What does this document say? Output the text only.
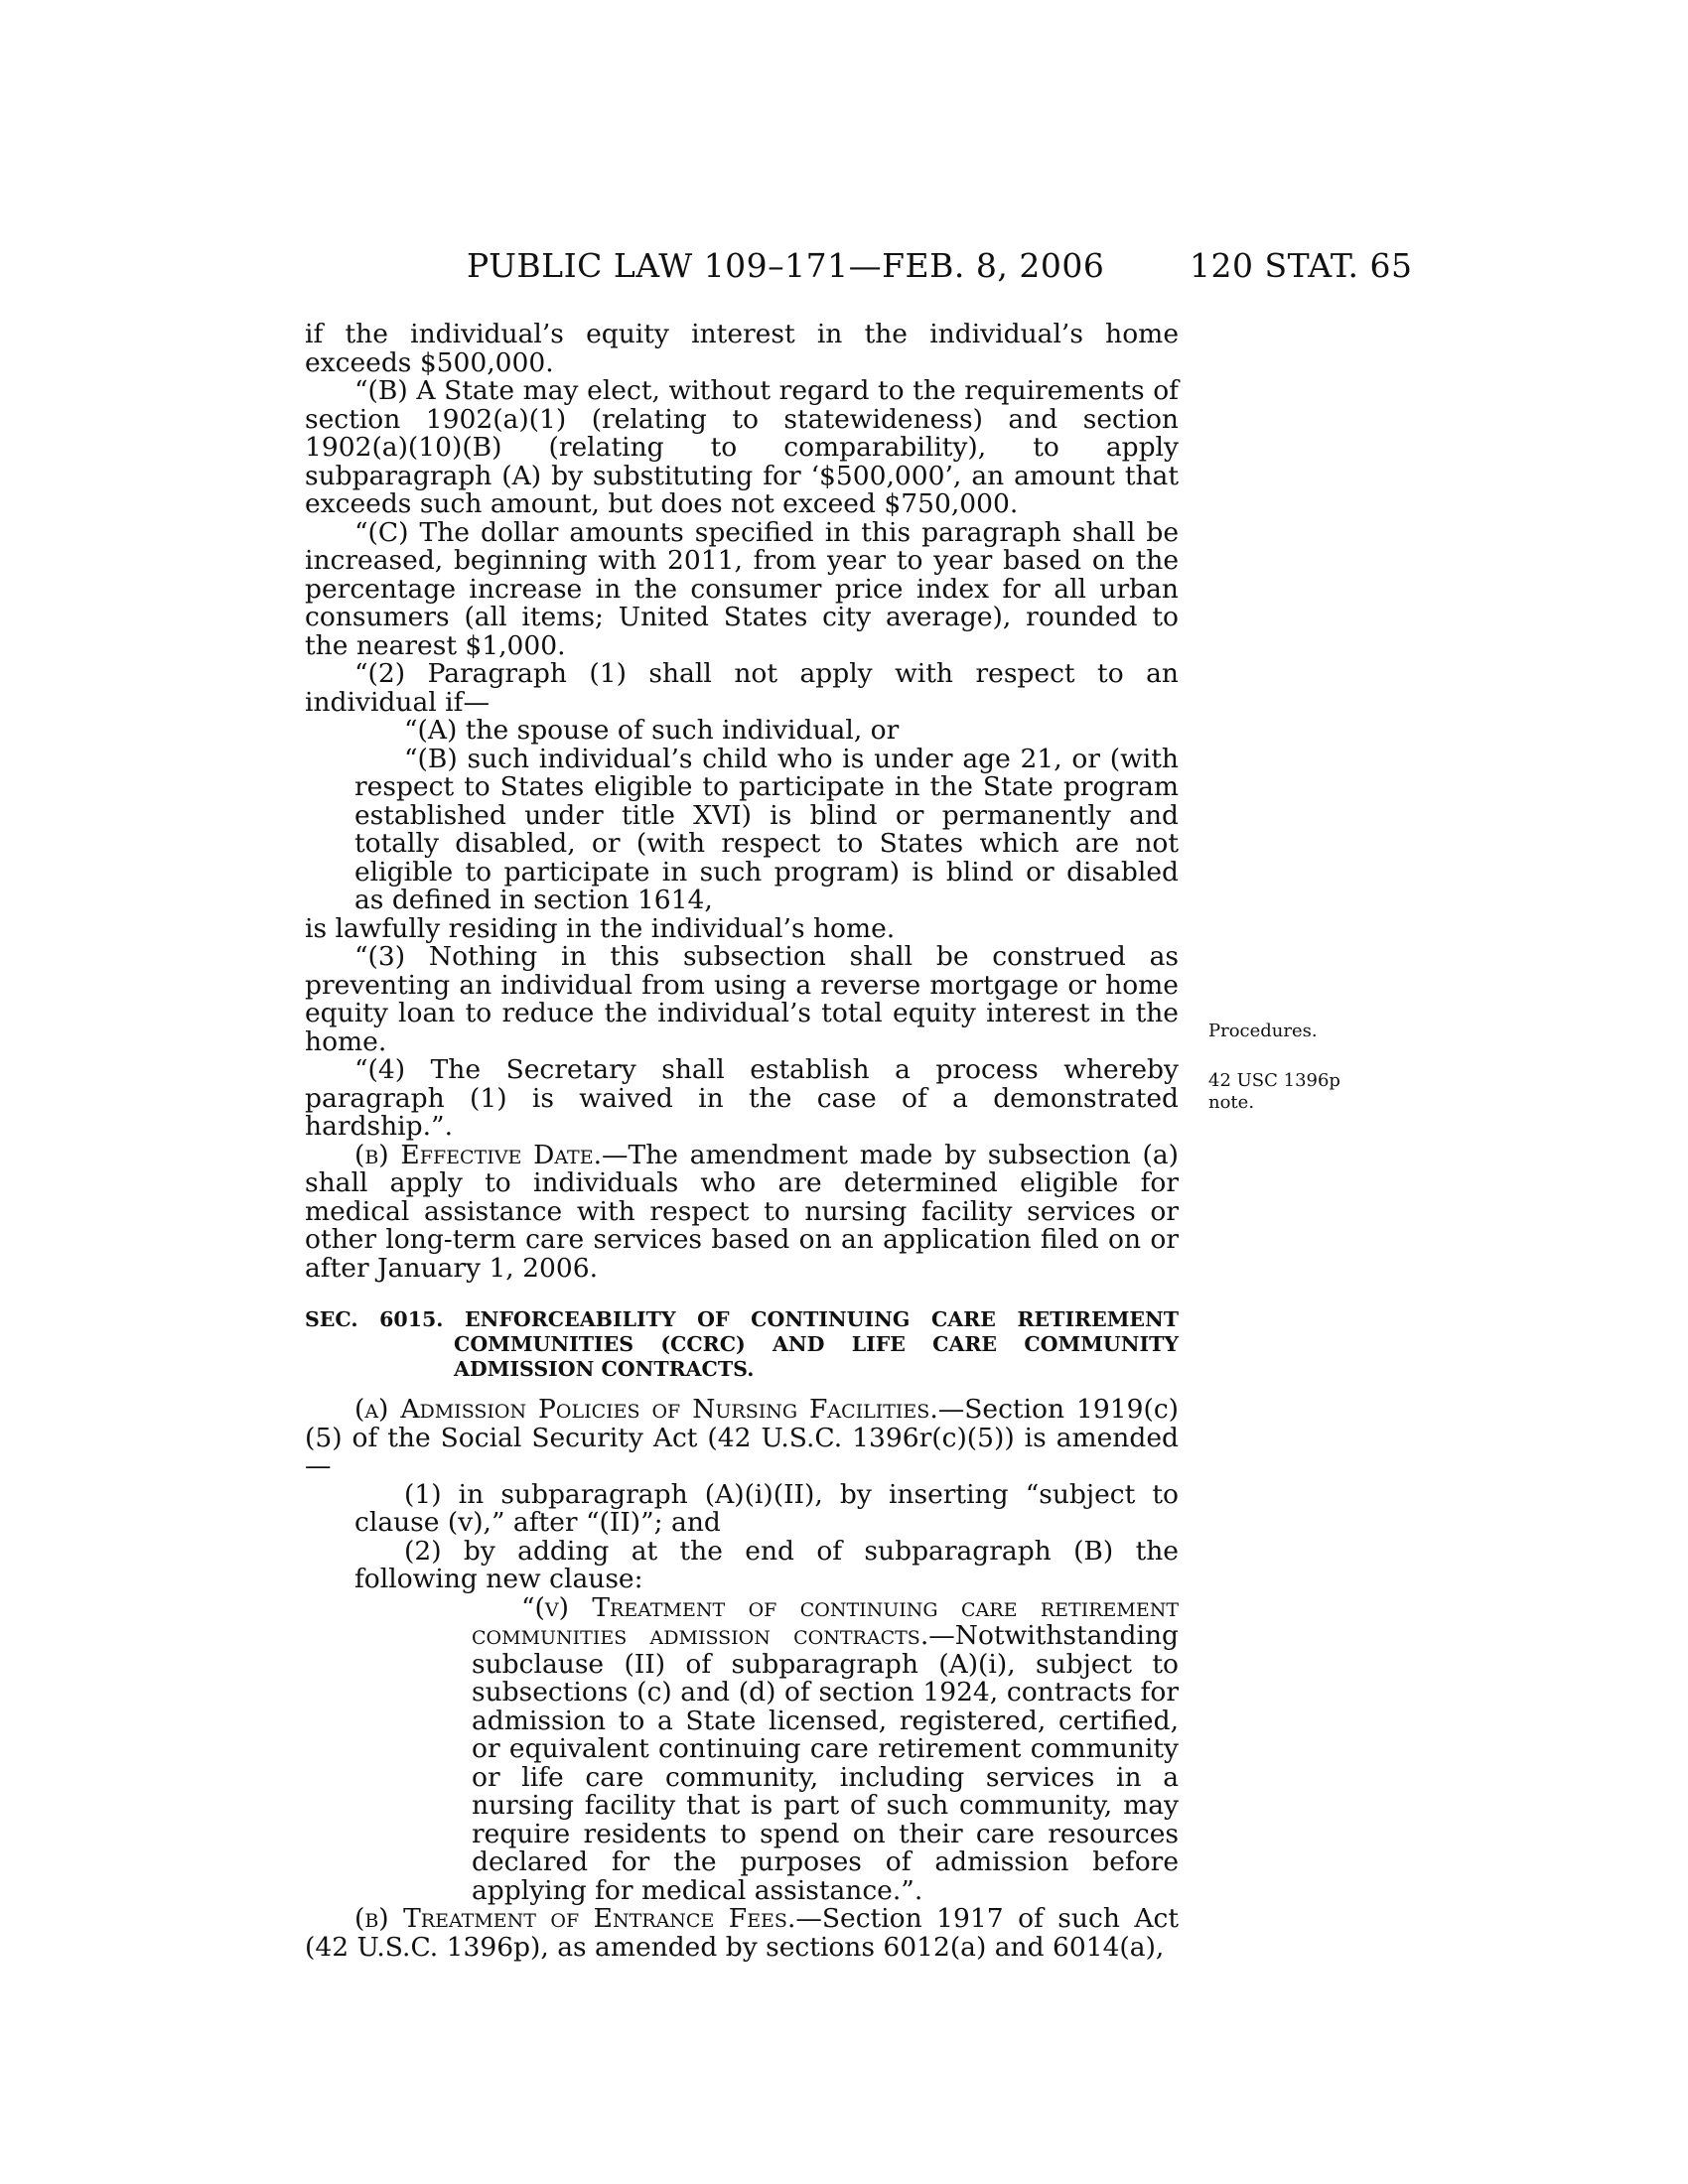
PUBLIC LAW 109–171—FEB. 8, 2006	120 STAT. 65

if the individual’s equity interest in the individual’s home exceeds $500,000.

“(B) A State may elect, without regard to the requirements of section 1902(a)(1) (relating to statewideness) and section 1902(a)(10)(B) (relating to comparability), to apply subparagraph (A) by substituting for ‘$500,000’, an amount that exceeds such amount, but does not exceed $750,000.

“(C) The dollar amounts specified in this paragraph shall be increased, beginning with 2011, from year to year based on the percentage increase in the consumer price index for all urban consumers (all items; United States city average), rounded to the nearest $1,000.

“(2) Paragraph (1) shall not apply with respect to an individual if—

“(A) the spouse of such individual, or

“(B) such individual’s child who is under age 21, or (with respect to States eligible to participate in the State program established under title XVI) is blind or permanently and totally disabled, or (with respect to States which are not eligible to participate in such program) is blind or disabled as defined in section 1614,

is lawfully residing in the individual’s home.

“(3) Nothing in this subsection shall be construed as preventing an individual from using a reverse mortgage or home equity loan to reduce the individual’s total equity interest in the home.

“(4) The Secretary shall establish a process whereby paragraph (1) is waived in the case of a demonstrated hardship.”.

(b) Effective Date.—The amendment made by subsection (a) shall apply to individuals who are determined eligible for medical assistance with respect to nursing facility services or other long-term care services based on an application filed on or after January 1, 2006.

SEC. 6015. ENFORCEABILITY OF CONTINUING CARE RETIREMENT COMMUNITIES (CCRC) AND LIFE CARE COMMUNITY ADMISSION CONTRACTS.

(a) Admission Policies of Nursing Facilities.—Section 1919(c)(5) of the Social Security Act (42 U.S.C. 1396r(c)(5)) is amended—

(1) in subparagraph (A)(i)(II), by inserting “subject to clause (v),” after “(II)”; and

(2) by adding at the end of subparagraph (B) the following new clause:

“(v) Treatment of continuing care retirement communities admission contracts.—Notwithstanding subclause (II) of subparagraph (A)(i), subject to subsections (c) and (d) of section 1924, contracts for admission to a State licensed, registered, certified, or equivalent continuing care retirement community or life care community, including services in a nursing facility that is part of such community, may require residents to spend on their care resources declared for the purposes of admission before applying for medical assistance.”.

(b) Treatment of Entrance Fees.—Section 1917 of such Act (42 U.S.C. 1396p), as amended by sections 6012(a) and 6014(a),

Procedures.
42 USC 1396p
note.
